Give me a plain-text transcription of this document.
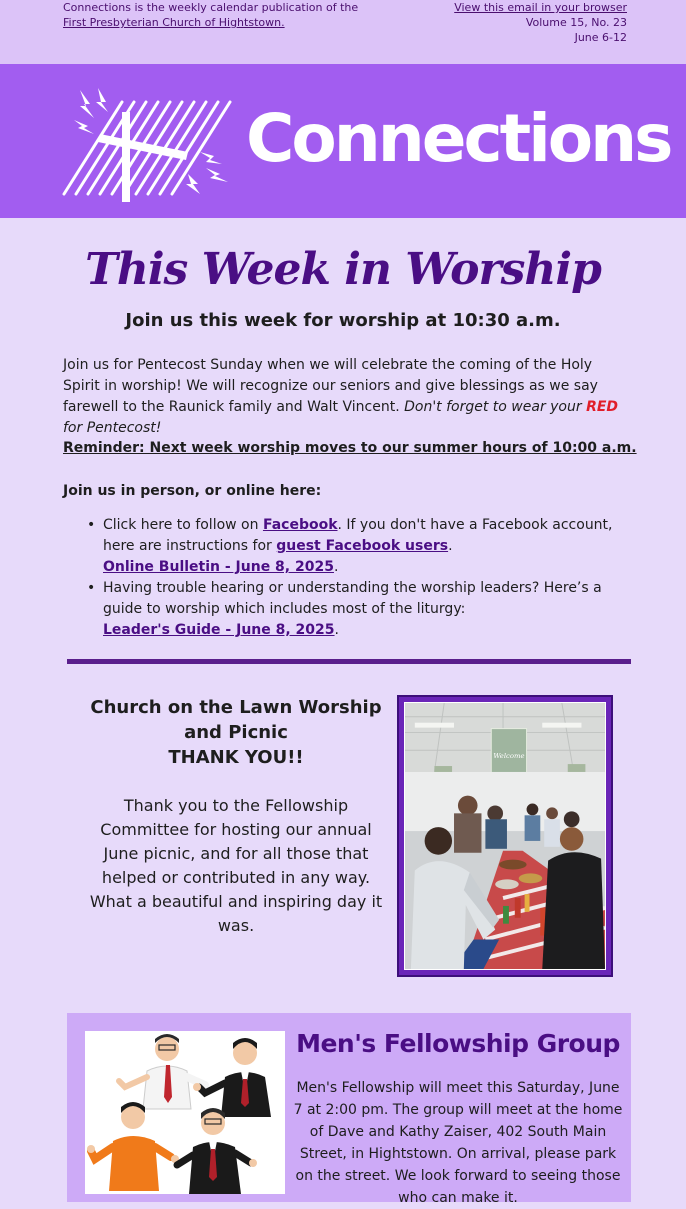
Connections is the weekly calendar publication of the
First Presbyterian Church of Hightstown.
View this email in your browser
Volume 15, No. 23
June 6-12
Connections
This Week in Worship
Join us this week for worship at 10:30 a.m.
Join us for Pentecost Sunday when we will celebrate the coming of the Holy Spirit in worship! We will recognize our seniors and give blessings as we say farewell to the Raunick family and Walt Vincent. Don't forget to wear your RED for Pentecost!
Reminder: Next week worship moves to our summer hours of 10:00 a.m.
Join us in person, or online here:
• Click here to follow on Facebook. If you don't have a Facebook account, here are instructions for guest Facebook users.
Online Bulletin - June 8, 2025.
• Having trouble hearing or understanding the worship leaders? Here’s a guide to worship which includes most of the liturgy:
Leader's Guide - June 8, 2025.
Church on the Lawn Worship and Picnic
THANK YOU!!
Thank you to the Fellowship Committee for hosting our annual June picnic, and for all those that helped or contributed in any way. What a beautiful and inspiring day it was.
Welcome
Men's Fellowship Group
Men's Fellowship will meet this Saturday, June 7 at 2:00 pm. The group will meet at the home of Dave and Kathy Zaiser, 402 South Main Street, in Hightstown. On arrival, please park on the street. We look forward to seeing those who can make it.
